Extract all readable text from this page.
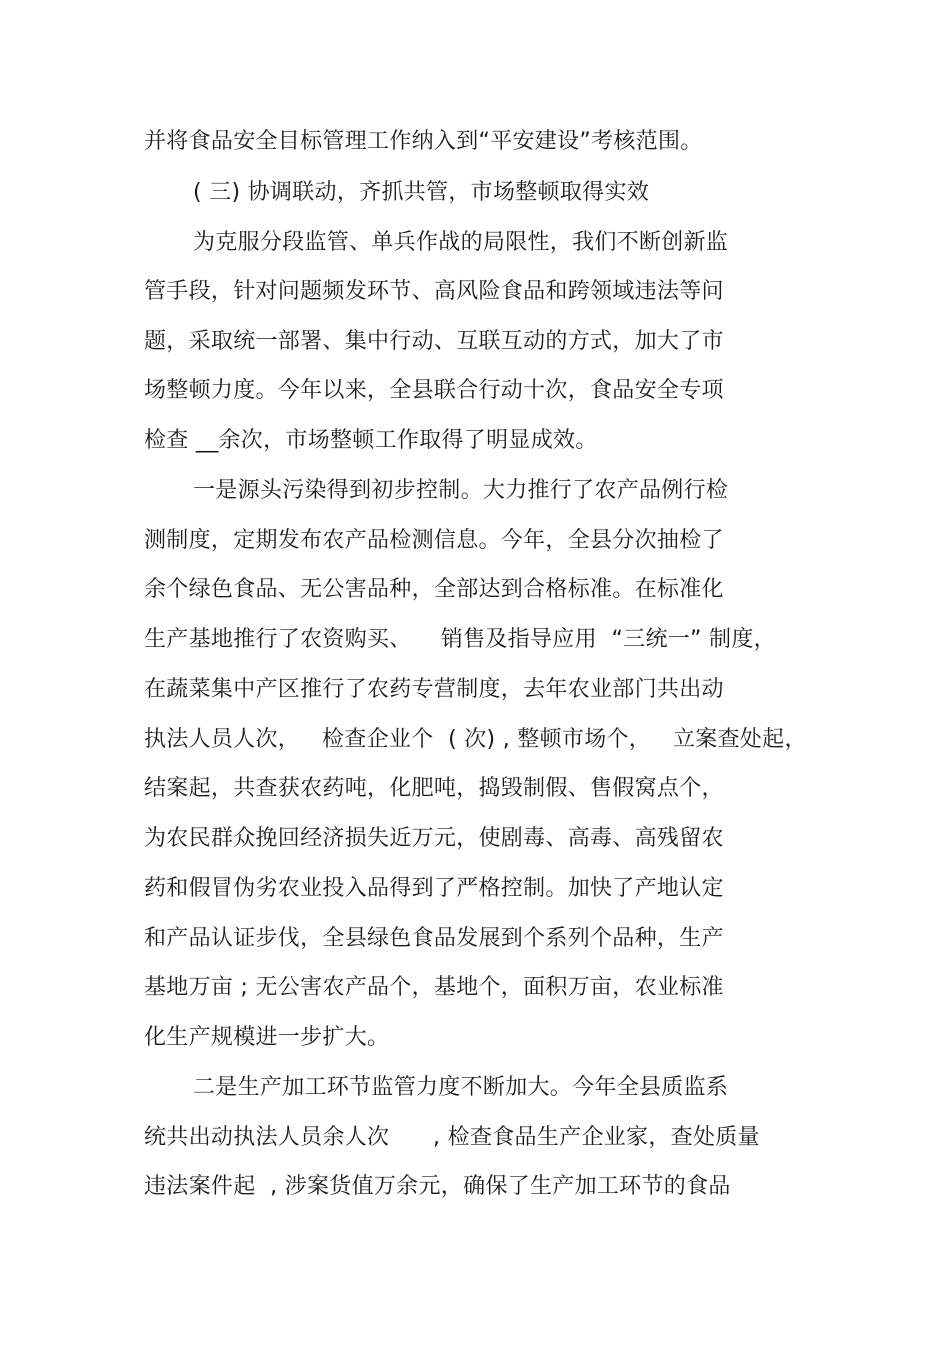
并将食品安全目标管理工作纳入到“平安建设”考核范围。
( 三) 协调联动，齐抓共管，市场整顿取得实效
为克服分段监管、单兵作战的局限性，我们不断创新监
管手段，针对问题频发环节、高风险食品和跨领域违法等问
题，采取统一部署、集中行动、互联互动的方式，加大了市
场整顿力度。今年以来，全县联合行动十次，食品安全专项
检查 __余次，市场整顿工作取得了明显成效。
一是源头污染得到初步控制。大力推行了农产品例行检
测制度，定期发布农产品检测信息。今年，全县分次抽检了
余个绿色食品、无公害品种，全部达到合格标准。在标准化
生产基地推行了农资购买、    销售及指导应用  “三统一” 制度，
在蔬菜集中产区推行了农药专营制度，去年农业部门共出动
执法人员人次，   检查企业个  ( 次) , 整顿市场个，   立案查处起，
结案起，共查获农药吨，化肥吨，捣毁制假、售假窝点个，
为农民群众挽回经济损失近万元，使剧毒、高毒、高残留农
药和假冒伪劣农业投入品得到了严格控制。加快了产地认定
和产品认证步伐，全县绿色食品发展到个系列个品种，生产
基地万亩 ; 无公害农产品个，基地个，面积万亩，农业标准
化生产规模进一步扩大。
二是生产加工环节监管力度不断加大。今年全县质监系
统共出动执法人员余人次      , 检查食品生产企业家，查处质量
违法案件起  , 涉案货值万余元，确保了生产加工环节的食品
